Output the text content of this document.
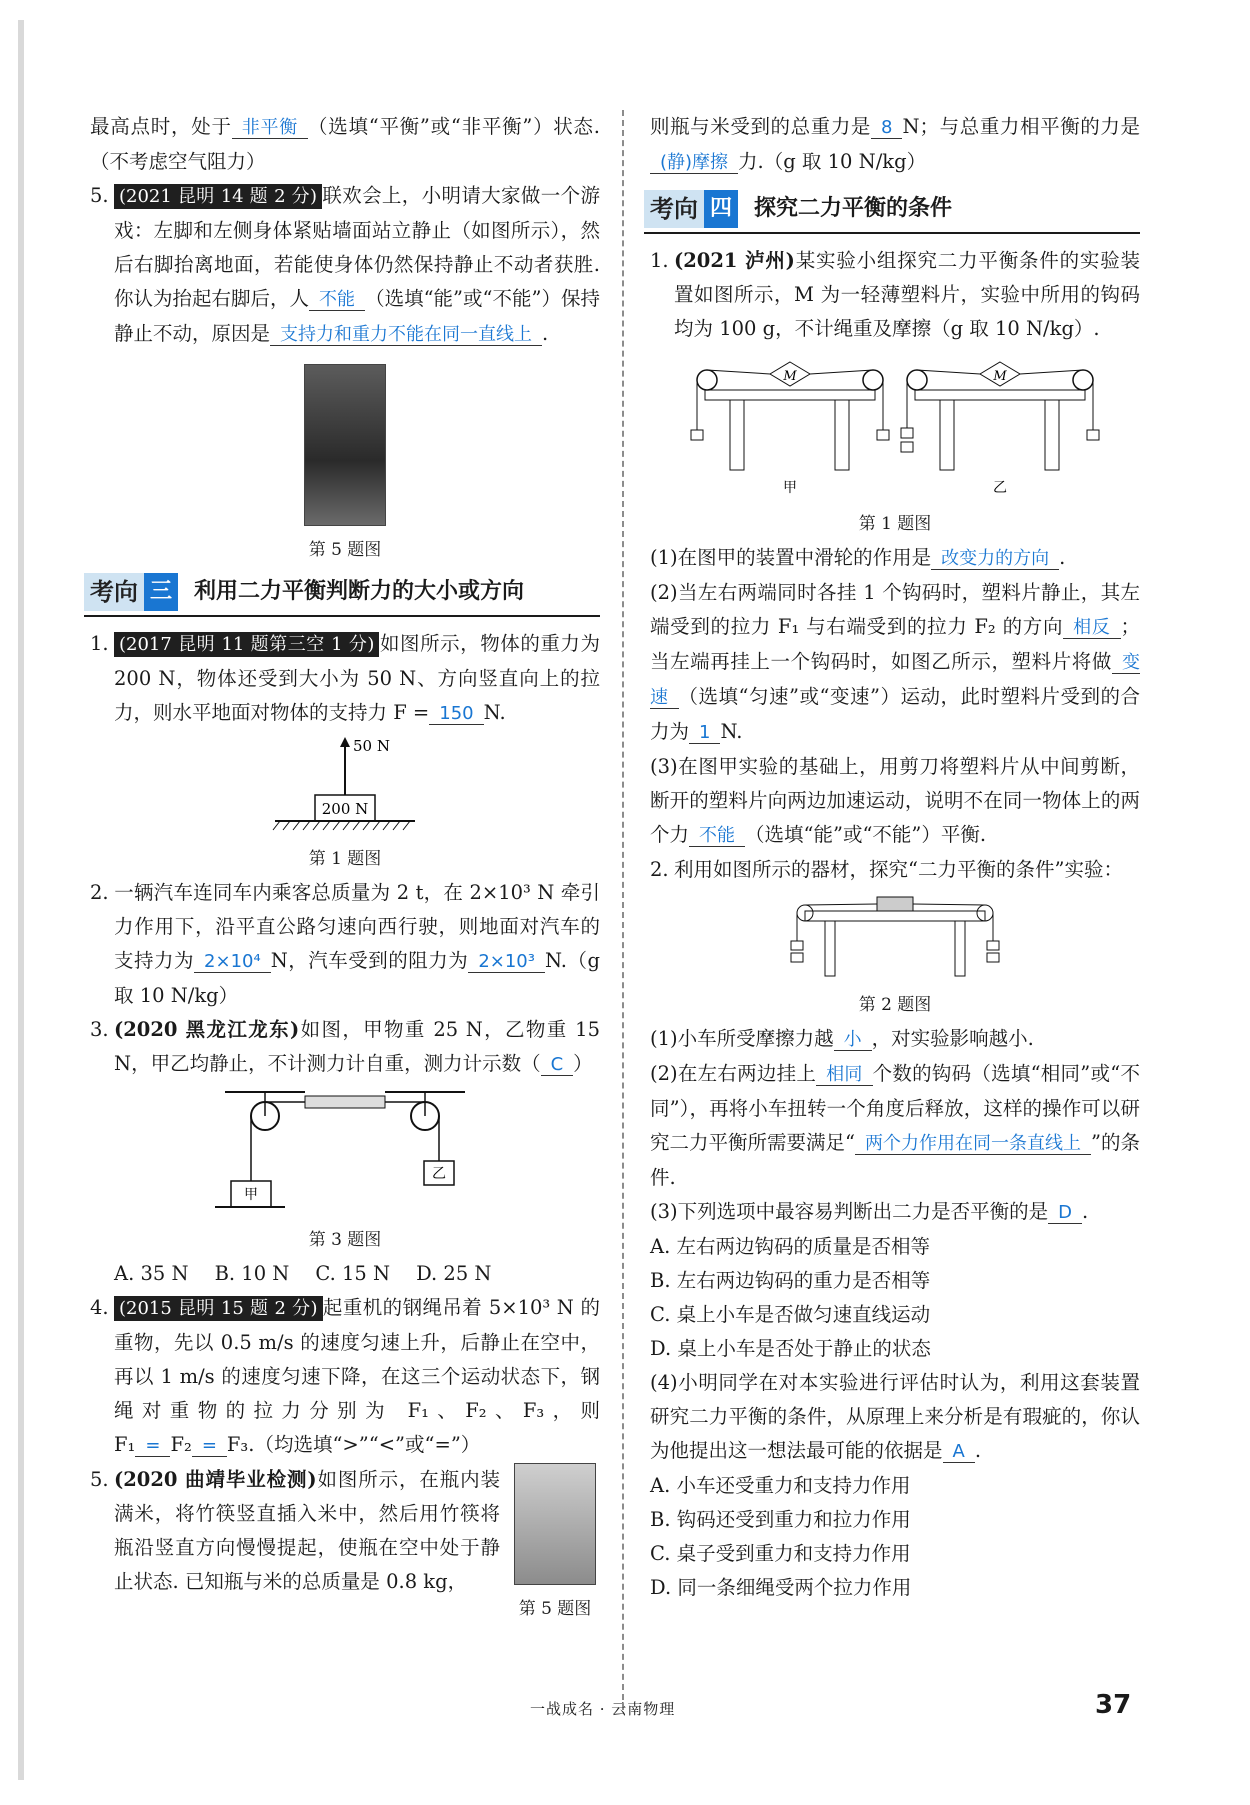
最高点时，处于 非平衡 （选填“平衡”或“非平衡”）状态.（不考虑空气阻力）

5. (2021 昆明 14 题 2 分) 联欢会上，小明请大家做一个游戏：左脚和左侧身体紧贴墙面站立静止（如图所示），然后右脚抬离地面，若能使身体仍然保持静止不动者获胜. 你认为抬起右脚后，人 不能 （选填“能”或“不能”）保持静止不动，原因是 支持力和重力不能在同一直线上 .

第 5 题图
考向 三 利用二力平衡判断力的大小或方向

1. (2017 昆明 11 题第三空 1 分) 如图所示，物体的重力为200 N，物体还受到大小为 50 N、方向竖直向上的拉力，则水平地面对物体的支持力 F = 150 N.

50 N
200 N
第 1 题图

2. 一辆汽车连同车内乘客总质量为 2 t，在 2×10³ N 牵引力作用下，沿平直公路匀速向西行驶，则地面对汽车的支持力为 2×10⁴ N，汽车受到的阻力为 2×10³ N.（g 取 10 N/kg）

3. (2020 黑龙江龙东)如图，甲物重 25 N，乙物重 15 N，甲乙均静止，不计测力计自重，测力计示数（ C ）

甲
乙
第 3 题图

A. 35 N B. 10 N C. 15 N D. 25 N

4. (2015 昆明 15 题 2 分) 起重机的钢绳吊着 5×10³ N 的重物，先以 0.5 m/s 的速度匀速上升，后静止在空中，再以 1 m/s 的速度匀速下降，在这三个运动状态下，钢绳对重物的拉力分别为 F₁、F₂、F₃，则 F₁ = F₂ = F₃.（均选填“>”“<”或“=”）

5. (2020 曲靖毕业检测)如图所示，在瓶内装满米，将竹筷竖直插入米中，然后用竹筷将瓶沿竖直方向慢慢提起，使瓶在空中处于静止状态. 已知瓶与米的总质量是 0.8 kg，

第 5 题图

则瓶与米受到的总重力是 8 N；与总重力相平衡的力是(静)摩擦 力.（g 取 10 N/kg）

考向 四 探究二力平衡的条件

1. (2021 泸州)某实验小组探究二力平衡条件的实验装置如图所示，M 为一轻薄塑料片，实验中所用的钩码均为 100 g，不计绳重及摩擦（g 取 10 N/kg）.

M
甲
M
乙
第 1 题图

(1)在图甲的装置中滑轮的作用是 改变力的方向 .

(2)当左右两端同时各挂 1 个钩码时，塑料片静止，其左端受到的拉力 F₁ 与右端受到的拉力 F₂ 的方向 相反 ；当左端再挂上一个钩码时，如图乙所示，塑料片将做 变速 （选填“匀速”或“变速”）运动，此时塑料片受到的合力为 1 N.

(3)在图甲实验的基础上，用剪刀将塑料片从中间剪断，断开的塑料片向两边加速运动，说明不在同一物体上的两个力 不能 （选填“能”或“不能”）平衡.

2. 利用如图所示的器材，探究“二力平衡的条件”实验：

第 2 题图

(1)小车所受摩擦力越 小 ，对实验影响越小.

(2)在左右两边挂上 相同 个数的钩码（选填“相同”或“不同”），再将小车扭转一个角度后释放，这样的操作可以研究二力平衡所需要满足“ 两个力作用在同一条直线上 ”的条件.

(3)下列选项中最容易判断出二力是否平衡的是 D .

A. 左右两边钩码的质量是否相等

B. 左右两边钩码的重力是否相等

C. 桌上小车是否做匀速直线运动

D. 桌上小车是否处于静止的状态

(4)小明同学在对本实验进行评估时认为，利用这套装置研究二力平衡的条件，从原理上来分析是有瑕疵的，你认为他提出这一想法最可能的依据是 A .

A. 小车还受重力和支持力作用

B. 钩码还受到重力和拉力作用

C. 桌子受到重力和支持力作用

D. 同一条细绳受两个拉力作用

一战成名 · 云南物理	37
